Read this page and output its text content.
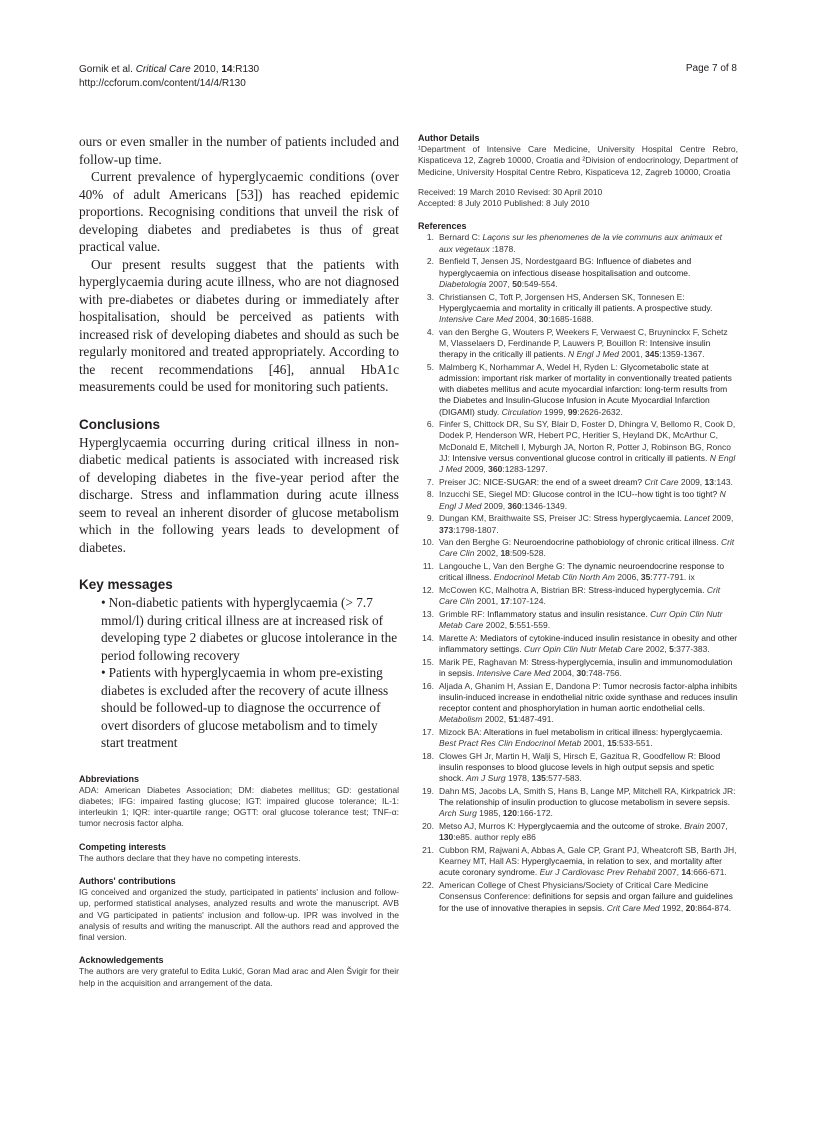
Gornik et al. Critical Care 2010, 14:R130
http://ccforum.com/content/14/4/R130
Page 7 of 8

ours or even smaller in the number of patients included and follow-up time.

Current prevalence of hyperglycaemic conditions (over 40% of adult Americans [53]) has reached epidemic proportions. Recognising conditions that unveil the risk of developing diabetes and prediabetes is thus of great practical value.

Our present results suggest that the patients with hyperglycaemia during acute illness, who are not diagnosed with pre-diabetes or diabetes during or immediately after hospitalisation, should be perceived as patients with increased risk of developing diabetes and should as such be regularly monitored and treated appropriately. According to the recent recommendations [46], annual HbA1c measurements could be used for monitoring such patients.

Conclusions

Hyperglycaemia occurring during critical illness in non-diabetic medical patients is associated with increased risk of developing diabetes in the five-year period after the discharge. Stress and inflammation during acute illness seem to reveal an inherent disorder of glucose metabolism which in the following years leads to development of diabetes.

Key messages
• Non-diabetic patients with hyperglycaemia (> 7.7 mmol/l) during critical illness are at increased risk of developing type 2 diabetes or glucose intolerance in the period following recovery
• Patients with hyperglycaemia in whom pre-existing diabetes is excluded after the recovery of acute illness should be followed-up to diagnose the occurrence of overt disorders of glucose metabolism and to timely start treatment
Abbreviations

ADA: American Diabetes Association; DM: diabetes mellitus; GD: gestational diabetes; IFG: impaired fasting glucose; IGT: impaired glucose tolerance; IL-1: interleukin 1; IQR: inter-quartile range; OGTT: oral glucose tolerance test; TNF-α: tumor necrosis factor alpha.

Competing interests

The authors declare that they have no competing interests.

Authors' contributions

IG conceived and organized the study, participated in patients' inclusion and follow-up, performed statistical analyses, analyzed results and wrote the manuscript. AVB and VG participated in patients' inclusion and follow-up. IPR was involved in the analysis of results and writing the manuscript. All the authors read and approved the final version.

Acknowledgements

The authors are very grateful to Edita Lukić, Goran Mad arac and Alen Švigir for their help in the acquisition and arrangement of the data.

Author Details

¹Department of Intensive Care Medicine, University Hospital Centre Rebro, Kispaticeva 12, Zagreb 10000, Croatia and ²Division of endocrinology, Department of Medicine, University Hospital Centre Rebro, Kispaticeva 12, Zagreb 10000, Croatia

Received: 19 March 2010 Revised: 30 April 2010

Accepted: 8 July 2010 Published: 8 July 2010

References
1. Bernard C: Laçons sur les phenomenes de la vie communs aux animaux et aux vegetaux :1878.
2. Benfield T, Jensen JS, Nordestgaard BG: Influence of diabetes and hyperglycaemia on infectious disease hospitalisation and outcome. Diabetologia 2007, 50:549-554.
3. Christiansen C, Toft P, Jorgensen HS, Andersen SK, Tonnesen E: Hyperglycaemia and mortality in critically ill patients. A prospective study. Intensive Care Med 2004, 30:1685-1688.
4. van den Berghe G, Wouters P, Weekers F, Verwaest C, Bruyninckx F, Schetz M, Vlasselaers D, Ferdinande P, Lauwers P, Bouillon R: Intensive insulin therapy in the critically ill patients. N Engl J Med 2001, 345:1359-1367.
5. Malmberg K, Norhammar A, Wedel H, Ryden L: Glycometabolic state at admission: important risk marker of mortality in conventionally treated patients with diabetes mellitus and acute myocardial infarction: long-term results from the Diabetes and Insulin-Glucose Infusion in Acute Myocardial Infarction (DIGAMI) study. Circulation 1999, 99:2626-2632.
6. Finfer S, Chittock DR, Su SY, Blair D, Foster D, Dhingra V, Bellomo R, Cook D, Dodek P, Henderson WR, Hebert PC, Heritier S, Heyland DK, McArthur C, McDonald E, Mitchell I, Myburgh JA, Norton R, Potter J, Robinson BG, Ronco JJ: Intensive versus conventional glucose control in critically ill patients. N Engl J Med 2009, 360:1283-1297.
7. Preiser JC: NICE-SUGAR: the end of a sweet dream? Crit Care 2009, 13:143.
8. Inzucchi SE, Siegel MD: Glucose control in the ICU--how tight is too tight? N Engl J Med 2009, 360:1346-1349.
9. Dungan KM, Braithwaite SS, Preiser JC: Stress hyperglycaemia. Lancet 2009, 373:1798-1807.
10. Van den Berghe G: Neuroendocrine pathobiology of chronic critical illness. Crit Care Clin 2002, 18:509-528.
11. Langouche L, Van den Berghe G: The dynamic neuroendocrine response to critical illness. Endocrinol Metab Clin North Am 2006, 35:777-791. ix
12. McCowen KC, Malhotra A, Bistrian BR: Stress-induced hyperglycemia. Crit Care Clin 2001, 17:107-124.
13. Grimble RF: Inflammatory status and insulin resistance. Curr Opin Clin Nutr Metab Care 2002, 5:551-559.
14. Marette A: Mediators of cytokine-induced insulin resistance in obesity and other inflammatory settings. Curr Opin Clin Nutr Metab Care 2002, 5:377-383.
15. Marik PE, Raghavan M: Stress-hyperglycemia, insulin and immunomodulation in sepsis. Intensive Care Med 2004, 30:748-756.
16. Aljada A, Ghanim H, Assian E, Dandona P: Tumor necrosis factor-alpha inhibits insulin-induced increase in endothelial nitric oxide synthase and reduces insulin receptor content and phosphorylation in human aortic endothelial cells. Metabolism 2002, 51:487-491.
17. Mizock BA: Alterations in fuel metabolism in critical illness: hyperglycaemia. Best Pract Res Clin Endocrinol Metab 2001, 15:533-551.
18. Clowes GH Jr, Martin H, Walji S, Hirsch E, Gazitua R, Goodfellow R: Blood insulin responses to blood glucose levels in high output sepsis and spetic shock. Am J Surg 1978, 135:577-583.
19. Dahn MS, Jacobs LA, Smith S, Hans B, Lange MP, Mitchell RA, Kirkpatrick JR: The relationship of insulin production to glucose metabolism in severe sepsis. Arch Surg 1985, 120:166-172.
20. Metso AJ, Murros K: Hyperglycaemia and the outcome of stroke. Brain 2007, 130:e85. author reply e86
21. Cubbon RM, Rajwani A, Abbas A, Gale CP, Grant PJ, Wheatcroft SB, Barth JH, Kearney MT, Hall AS: Hyperglycaemia, in relation to sex, and mortality after acute coronary syndrome. Eur J Cardiovasc Prev Rehabil 2007, 14:666-671.
22. American College of Chest Physicians/Society of Critical Care Medicine Consensus Conference: definitions for sepsis and organ failure and guidelines for the use of innovative therapies in sepsis. Crit Care Med 1992, 20:864-874.
